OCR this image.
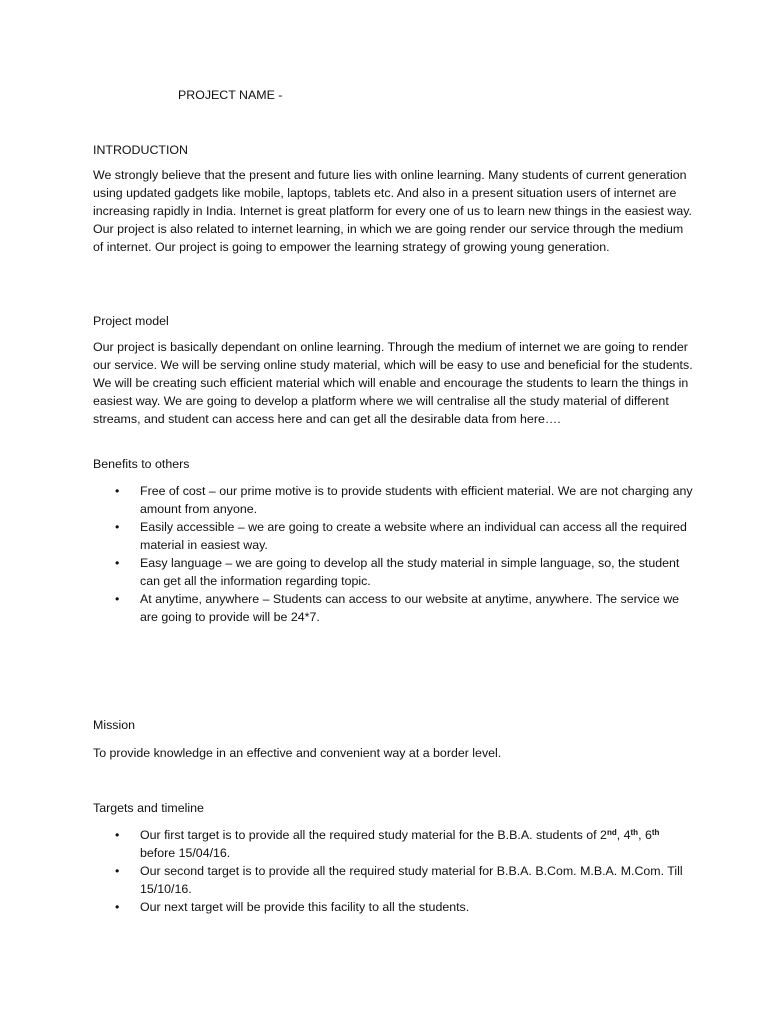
PROJECT NAME -
INTRODUCTION

We strongly believe that the present and future lies with online learning. Many students of current generation using updated gadgets like mobile, laptops, tablets etc. And also in a present situation users of internet are increasing rapidly in India. Internet is great platform for every one of us to learn new things in the easiest way. Our project is also related to internet learning, in which we are going render our service through the medium of internet. Our project is going to empower the learning strategy of growing young generation.

Project model

Our project is basically dependant on online learning. Through the medium of internet we are going to render our service. We will be serving online study material, which will be easy to use and beneficial for the students. We will be creating such efficient material which will enable and encourage the students to learn the things in easiest way. We are going to develop a platform where we will centralise all the study material of different streams, and student can access here and can get all the desirable data from here….

Benefits to others
• Free of cost – our prime motive is to provide students with efficient material. We are not charging any amount from anyone.
• Easily accessible – we are going to create a website where an individual can access all the required material in easiest way.
• Easy language – we are going to develop all the study material in simple language, so, the student can get all the information regarding topic.
• At anytime, anywhere – Students can access to our website at anytime, anywhere. The service we are going to provide will be 24*7.
Mission

To provide knowledge in an effective and convenient way at a border level.

Targets and timeline
• Our first target is to provide all the required study material for the B.B.A. students of 2nd, 4th, 6th before 15/04/16.
• Our second target is to provide all the required study material for B.B.A. B.Com. M.B.A. M.Com. Till 15/10/16.
• Our next target will be provide this facility to all the students.
